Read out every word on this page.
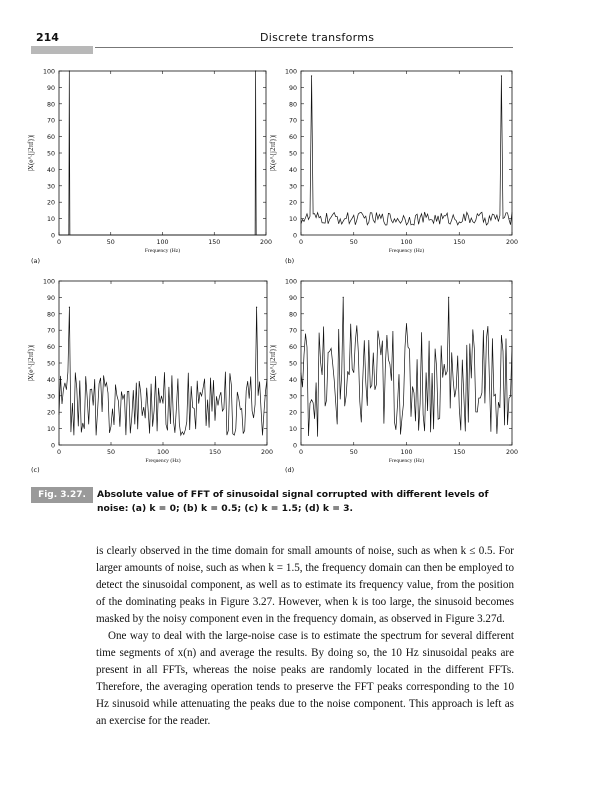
214	Discrete transforms
0
10
20
30
40
50
60
70
80
90
100
0	50	100	150	200
Frequency (Hz)
|X(e^{j2πf})|
(a)
0
10
20
30
40
50
60
70
80
90
100
0	50	100	150	200
Frequency (Hz)
|X(e^{j2πf})|
(b)
0
10
20
30
40
50
60
70
80
90
100
0	50	100	150	200
Frequency (Hz)
|X(e^{j2πf})|
(c)
0
10
20
30
40
50
60
70
80
90
100
0	50	100	150	200
Frequency (Hz)
|X(e^{j2πf})|
(d)
Fig. 3.27.	Absolute value of FFT of sinusoidal signal corrupted with different levels of noise: (a) k = 0; (b) k = 0.5; (c) k = 1.5; (d) k = 3.

is clearly observed in the time domain for small amounts of noise, such as when k ≤ 0.5. For larger amounts of noise, such as when k = 1.5, the frequency domain can then be employed to detect the sinusoidal component, as well as to estimate its frequency value, from the position of the dominating peaks in Figure 3.27. However, when k is too large, the sinusoid becomes masked by the noisy component even in the frequency domain, as observed in Figure 3.27d.

One way to deal with the large-noise case is to estimate the spectrum for several different time segments of x(n) and average the results. By doing so, the 10 Hz sinusoidal peaks are present in all FFTs, whereas the noise peaks are randomly located in the different FFTs. Therefore, the averaging operation tends to preserve the FFT peaks corresponding to the 10 Hz sinusoid while attenuating the peaks due to the noise component. This approach is left as an exercise for the reader.
